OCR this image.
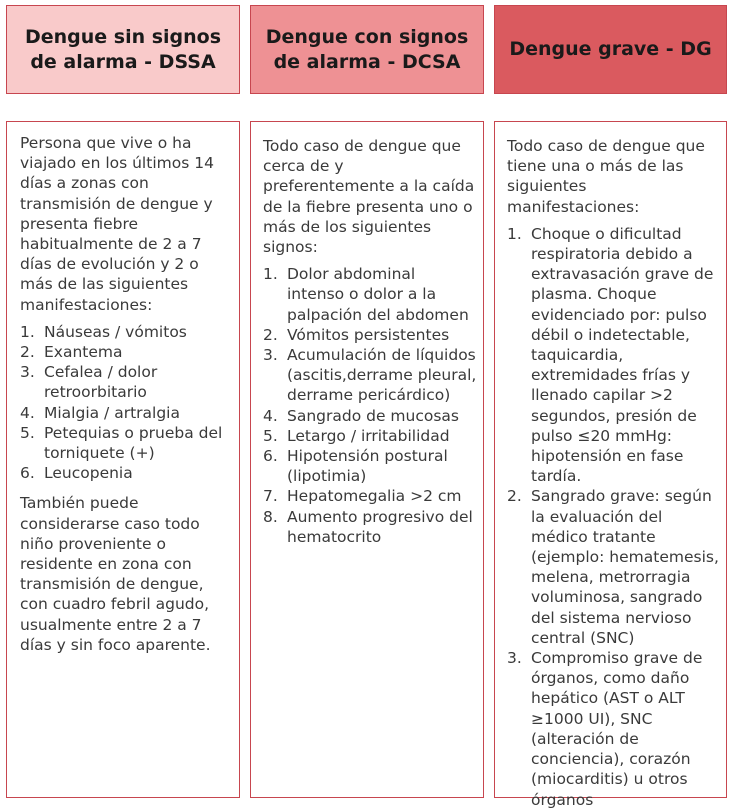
Dengue sin signos de alarma - DSSA
Dengue con signos de alarma - DCSA
Dengue grave - DG

Persona que vive o ha viajado en los últimos 14 días a zonas con transmisión de dengue y presenta fiebre habitualmente de 2 a 7 días de evolución y 2 o más de las siguientes manifestaciones:

1. Náuseas / vómitos
2. Exantema
3. Cefalea / dolor retroorbitario
4. Mialgia / artralgia
5. Petequias o prueba del torniquete (+)
6. Leucopenia

También puede considerarse caso todo niño proveniente o residente en zona con transmisión de dengue, con cuadro febril agudo, usualmente entre 2 a 7 días y sin foco aparente.

Todo caso de dengue que cerca de y preferentemente a la caída de la fiebre presenta uno o más de los siguientes signos:

1. Dolor abdominal intenso o dolor a la palpación del abdomen
2. Vómitos persistentes
3. Acumulación de líquidos (ascitis,derrame pleural, derrame pericárdico)
4. Sangrado de mucosas
5. Letargo / irritabilidad
6. Hipotensión postural (lipotimia)
7. Hepatomegalia >2 cm
8. Aumento progresivo del hematocrito

Todo caso de dengue que tiene una o más de las siguientes manifestaciones:

1. Choque o dificultad respiratoria debido a extravasación grave de plasma. Choque evidenciado por: pulso débil o indetectable, taquicardia, extremidades frías y llenado capilar >2 segundos, presión de pulso ≤20 mmHg: hipotensión en fase tardía.
2. Sangrado grave: según la evaluación del médico tratante (ejemplo: hematemesis, melena, metrorragia voluminosa, sangrado del sistema nervioso central (SNC)
3. Compromiso grave de órganos, como daño hepático (AST o ALT ≥1000 UI), SNC (alteración de conciencia), corazón (miocarditis) u otros órganos
